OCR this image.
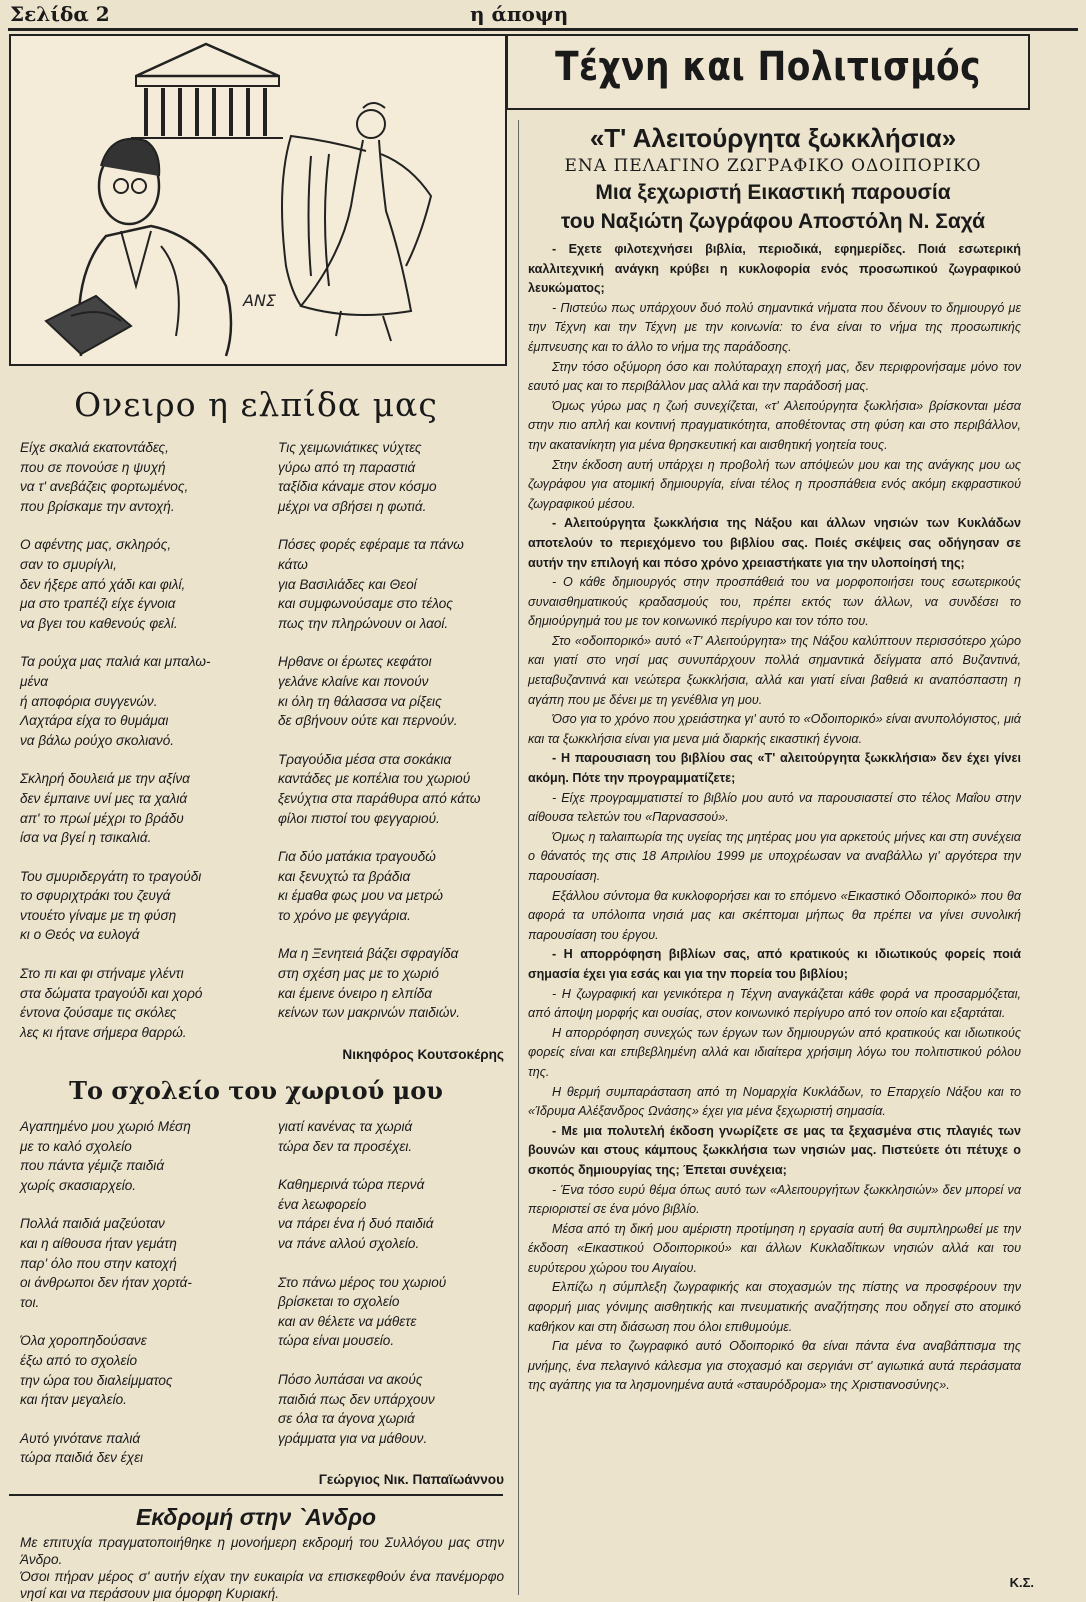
Σελίδα 2	η άποψη
ΑΝΣ
Ονειρο η ελπίδα μας
Είχε σκαλιά εκατοντάδες,
που σε πονούσε η ψυχή
να τ' ανεβάζεις φορτωμένος,
που βρίσκαμε την αντοχή.
Ο αφέντης μας, σκληρός,
σαν το σμυρίγλι,
δεν ήξερε από χάδι και φιλί,
μα στο τραπέζι είχε έγνοια
να βγει του καθενούς φελί.
Τα ρούχα μας παλιά και μπαλω-
μένα
ή αποφόρια συγγενών.
Λαχτάρα είχα το θυμάμαι
να βάλω ρούχο σκολιανό.
Σκληρή δουλειά με την αξίνα
δεν έμπαινε υνί μες τα χαλιά
απ' το πρωί μέχρι το βράδυ
ίσα να βγεί η τσικαλιά.
Του σμυριδεργάτη το τραγούδι
το σφυριχτράκι του ζευγά
ντουέτο γίναμε με τη φύση
κι ο Θεός να ευλογά
Στο πι και φι στήναμε γλέντι
στα δώματα τραγούδι και χορό
έντονα ζούσαμε τις σκόλες
λες κι ήτανε σήμερα θαρρώ.
Τις χειμωνιάτικες νύχτες
γύρω από τη παραστιά
ταξίδια κάναμε στον κόσμο
μέχρι να σβήσει η φωτιά.
Πόσες φορές εφέραμε τα πάνω
κάτω
για Βασιλιάδες και Θεοί
και συμφωνούσαμε στο τέλος
πως την πληρώνουν οι λαοί.
Ηρθανε οι έρωτες κεφάτοι
γελάνε κλαίνε και πονούν
κι όλη τη θάλασσα να ρίξεις
δε σβήνουν ούτε και περνούν.
Τραγούδια μέσα στα σοκάκια
καντάδες με κοπέλια του χωριού
ξενύχτια στα παράθυρα από κάτω
φίλοι πιστοί του φεγγαριού.
Για δύο ματάκια τραγουδώ
και ξενυχτώ τα βράδια
κι έμαθα φως μου να μετρώ
το χρόνο με φεγγάρια.
Μα η Ξενητειά βάζει σφραγίδα
στη σχέση μας με το χωριό
και έμεινε όνειρο η ελπίδα
κείνων των μακρινών παιδιών.
Νικηφόρος Κουτσοκέρης
Το σχολείο του χωριού μου
Αγαπημένο μου χωριό Μέση
με το καλό σχολείο
που πάντα γέμιζε παιδιά
χωρίς σκασιαρχείο.
Πολλά παιδιά μαζεύοταν
και η αίθουσα ήταν γεμάτη
παρ' όλο που στην κατοχή
οι άνθρωποι δεν ήταν χορτά-
τοι.
Όλα χοροπηδούσανε
έξω από το σχολείο
την ώρα του διαλείμματος
και ήταν μεγαλείο.
Αυτό γινότανε παλιά
τώρα παιδιά δεν έχει
γιατί κανένας τα χωριά
τώρα δεν τα προσέχει.
Καθημερινά τώρα περνά
ένα λεωφορείο
να πάρει ένα ή δυό παιδιά
να πάνε αλλού σχολείο.
Στο πάνω μέρος του χωριού
βρίσκεται το σχολείο
και αν θέλετε να μάθετε
τώρα είναι μουσείο.
Πόσο λυπάσαι να ακούς
παιδιά πως δεν υπάρχουν
σε όλα τα άγονα χωριά
γράμματα για να μάθουν.
Γεώργιος Νικ. Παπαϊωάννου
Εκδρομή στην `Ανδρο

Με επιτυχία πραγματοποιήθηκε η μονοήμερη εκδρομή του Συλλόγου μας στην Άνδρο.

Όσοι πήραν μέρος σ' αυτήν είχαν την ευκαιρία να επισκεφθούν ένα πανέμορφο νησί και να περάσουν μια όμορφη Κυριακή.

Τέχνη και Πολιτισμός
«Τ' Αλειτούργητα ξωκκλήσια»
ΕΝΑ ΠΕΛΑΓΙΝΟ ΖΩΓΡΑΦΙΚΟ ΟΔΟΙΠΟΡΙΚΟ
Μια ξεχωριστή Εικαστική παρουσία
του Ναξιώτη ζωγράφου Αποστόλη Ν. Σαχά

- Εχετε φιλοτεχνήσει βιβλία, περιοδικά, εφημερίδες. Ποιά εσωτερική καλλιτεχνική ανάγκη κρύβει η κυκλοφορία ενός προσωπικού ζωγραφικού λευκώματος;

- Πιστεύω πως υπάρχουν δυό πολύ σημαντικά νήματα που δένουν το δημιουργό με την Τέχνη και την Τέχνη με την κοινωνία: το ένα είναι το νήμα της προσωπικής έμπνευσης και το άλλο το νήμα της παράδοσης.

Στην τόσο οξύμορη όσο και πολύταραχη εποχή μας, δεν περιφρονήσαμε μόνο τον εαυτό μας και το περιβάλλον μας αλλά και την παράδοσή μας.

Όμως γύρω μας η ζωή συνεχίζεται, «τ' Αλειτούργητα ξωκλήσια» βρίσκονται μέσα στην πιο απλή και κοντινή πραγματικότητα, αποθέτοντας στη φύση και στο περιβάλλον, την ακατανίκητη για μένα θρησκευτική και αισθητική γοητεία τους.

Στην έκδοση αυτή υπάρχει η προβολή των απόψεών μου και της ανάγκης μου ως ζωγράφου για ατομική δημιουργία, είναι τέλος η προσπάθεια ενός ακόμη εκφραστικού ζωγραφικού μέσου.

- Αλειτούργητα ξωκκλήσια της Νάξου και άλλων νησιών των Κυκλάδων αποτελούν το περιεχόμενο του βιβλίου σας. Ποιές σκέψεις σας οδήγησαν σε αυτήν την επιλογή και πόσο χρόνο χρειαστήκατε για την υλοποίησή της;

- Ο κάθε δημιουργός στην προσπάθειά του να μορφοποιήσει τους εσωτερικούς συναισθηματικούς κραδασμούς του, πρέπει εκτός των άλλων, να συνδέσει το δημιούργημά του με τον κοινωνικό περίγυρο και τον τόπο του.

Στο «οδοιπορικό» αυτό «Τ' Αλειτούργητα» της Νάξου καλύπτουν περισσότερο χώρο και γιατί στο νησί μας συνυπάρχουν πολλά σημαντικά δείγματα από Βυζαντινά, μεταβυζαντινά και νεώτερα ξωκκλήσια, αλλά και γιατί είναι βαθειά κι αναπόσπαστη η αγάπη που με δένει με τη γενέθλια γη μου.

Όσο για το χρόνο που χρειάστηκα γι' αυτό το «Οδοιπορικό» είναι ανυπολόγιστος, μιά και τα ξωκκλήσια είναι για μενα μιά διαρκής εικαστική έγνοια.

- Η παρουσιαση του βιβλίου σας «Τ' αλειτούργητα ξωκκλήσια» δεν έχει γίνει ακόμη. Πότε την προγραμματίζετε;

- Είχε προγραμματιστεί το βιβλίο μου αυτό να παρουσιαστεί στο τέλος Μαΐου στην αίθουσα τελετών του «Παρνασσού».

Όμως η ταλαιπωρία της υγείας της μητέρας μου για αρκετούς μήνες και στη συνέχεια ο θάνατός της στις 18 Απριλίου 1999 με υποχρέωσαν να αναβάλλω γι' αργότερα την παρουσίαση.

Εξάλλου σύντομα θα κυκλοφορήσει και το επόμενο «Εικαστικό Οδοιπορικό» που θα αφορά τα υπόλοιπα νησιά μας και σκέπτομαι μήπως θα πρέπει να γίνει συνολική παρουσίαση του έργου.

- Η απορρόφηση βιβλίων σας, από κρατικούς κι ιδιωτικούς φορείς ποιά σημασία έχει για εσάς και για την πορεία του βιβλίου;

- Η ζωγραφική και γενικότερα η Τέχνη αναγκάζεται κάθε φορά να προσαρμόζεται, από άποψη μορφής και ουσίας, στον κοινωνικό περίγυρο από τον οποίο και εξαρτάται.

Η απορρόφηση συνεχώς των έργων των δημιουργών από κρατικούς και ιδιωτικούς φορείς είναι και επιβεβλημένη αλλά και ιδιαίτερα χρήσιμη λόγω του πολιτιστικού ρόλου της.

Η θερμή συμπαράσταση από τη Νομαρχία Κυκλάδων, το Επαρχείο Νάξου και το «Ίδρυμα Αλέξανδρος Ωνάσης» έχει για μένα ξεχωριστή σημασία.

- Με μια πολυτελή έκδοση γνωρίζετε σε μας τα ξεχασμένα στις πλαγιές των βουνών και στους κάμπους ξωκκλήσια των νησιών μας. Πιστεύετε ότι πέτυχε ο σκοπός δημιουργίας της; Έπεται συνέχεια;

- Ένα τόσο ευρύ θέμα όπως αυτό των «Αλειτουργήτων ξωκκλησιών» δεν μπορεί να περιοριστεί σε ένα μόνο βιβλίο.

Μέσα από τη δική μου αμέριστη προτίμηση η εργασία αυτή θα συμπληρωθεί με την έκδοση «Εικαστικού Οδοιπορικού» και άλλων Κυκλαδίτικων νησιών αλλά και του ευρύτερου χώρου του Αιγαίου.

Ελπίζω η σύμπλεξη ζωγραφικής και στοχασμών της πίστης να προσφέρουν την αφορμή μιας γόνιμης αισθητικής και πνευματικής αναζήτησης που οδηγεί στο ατομικό καθήκον και στη διάσωση που όλοι επιθυμούμε.

Για μένα το ζωγραφικό αυτό Οδοιπορικό θα είναι πάντα ένα αναβάπτισμα της μνήμης, ένα πελαγινό κάλεσμα για στοχασμό και σεργιάνι στ' αγιωτικά αυτά περάσματα της αγάπης για τα λησμονημένα αυτά «σταυρόδρομα» της Χριστιανοσύνης».

Κ.Σ.
